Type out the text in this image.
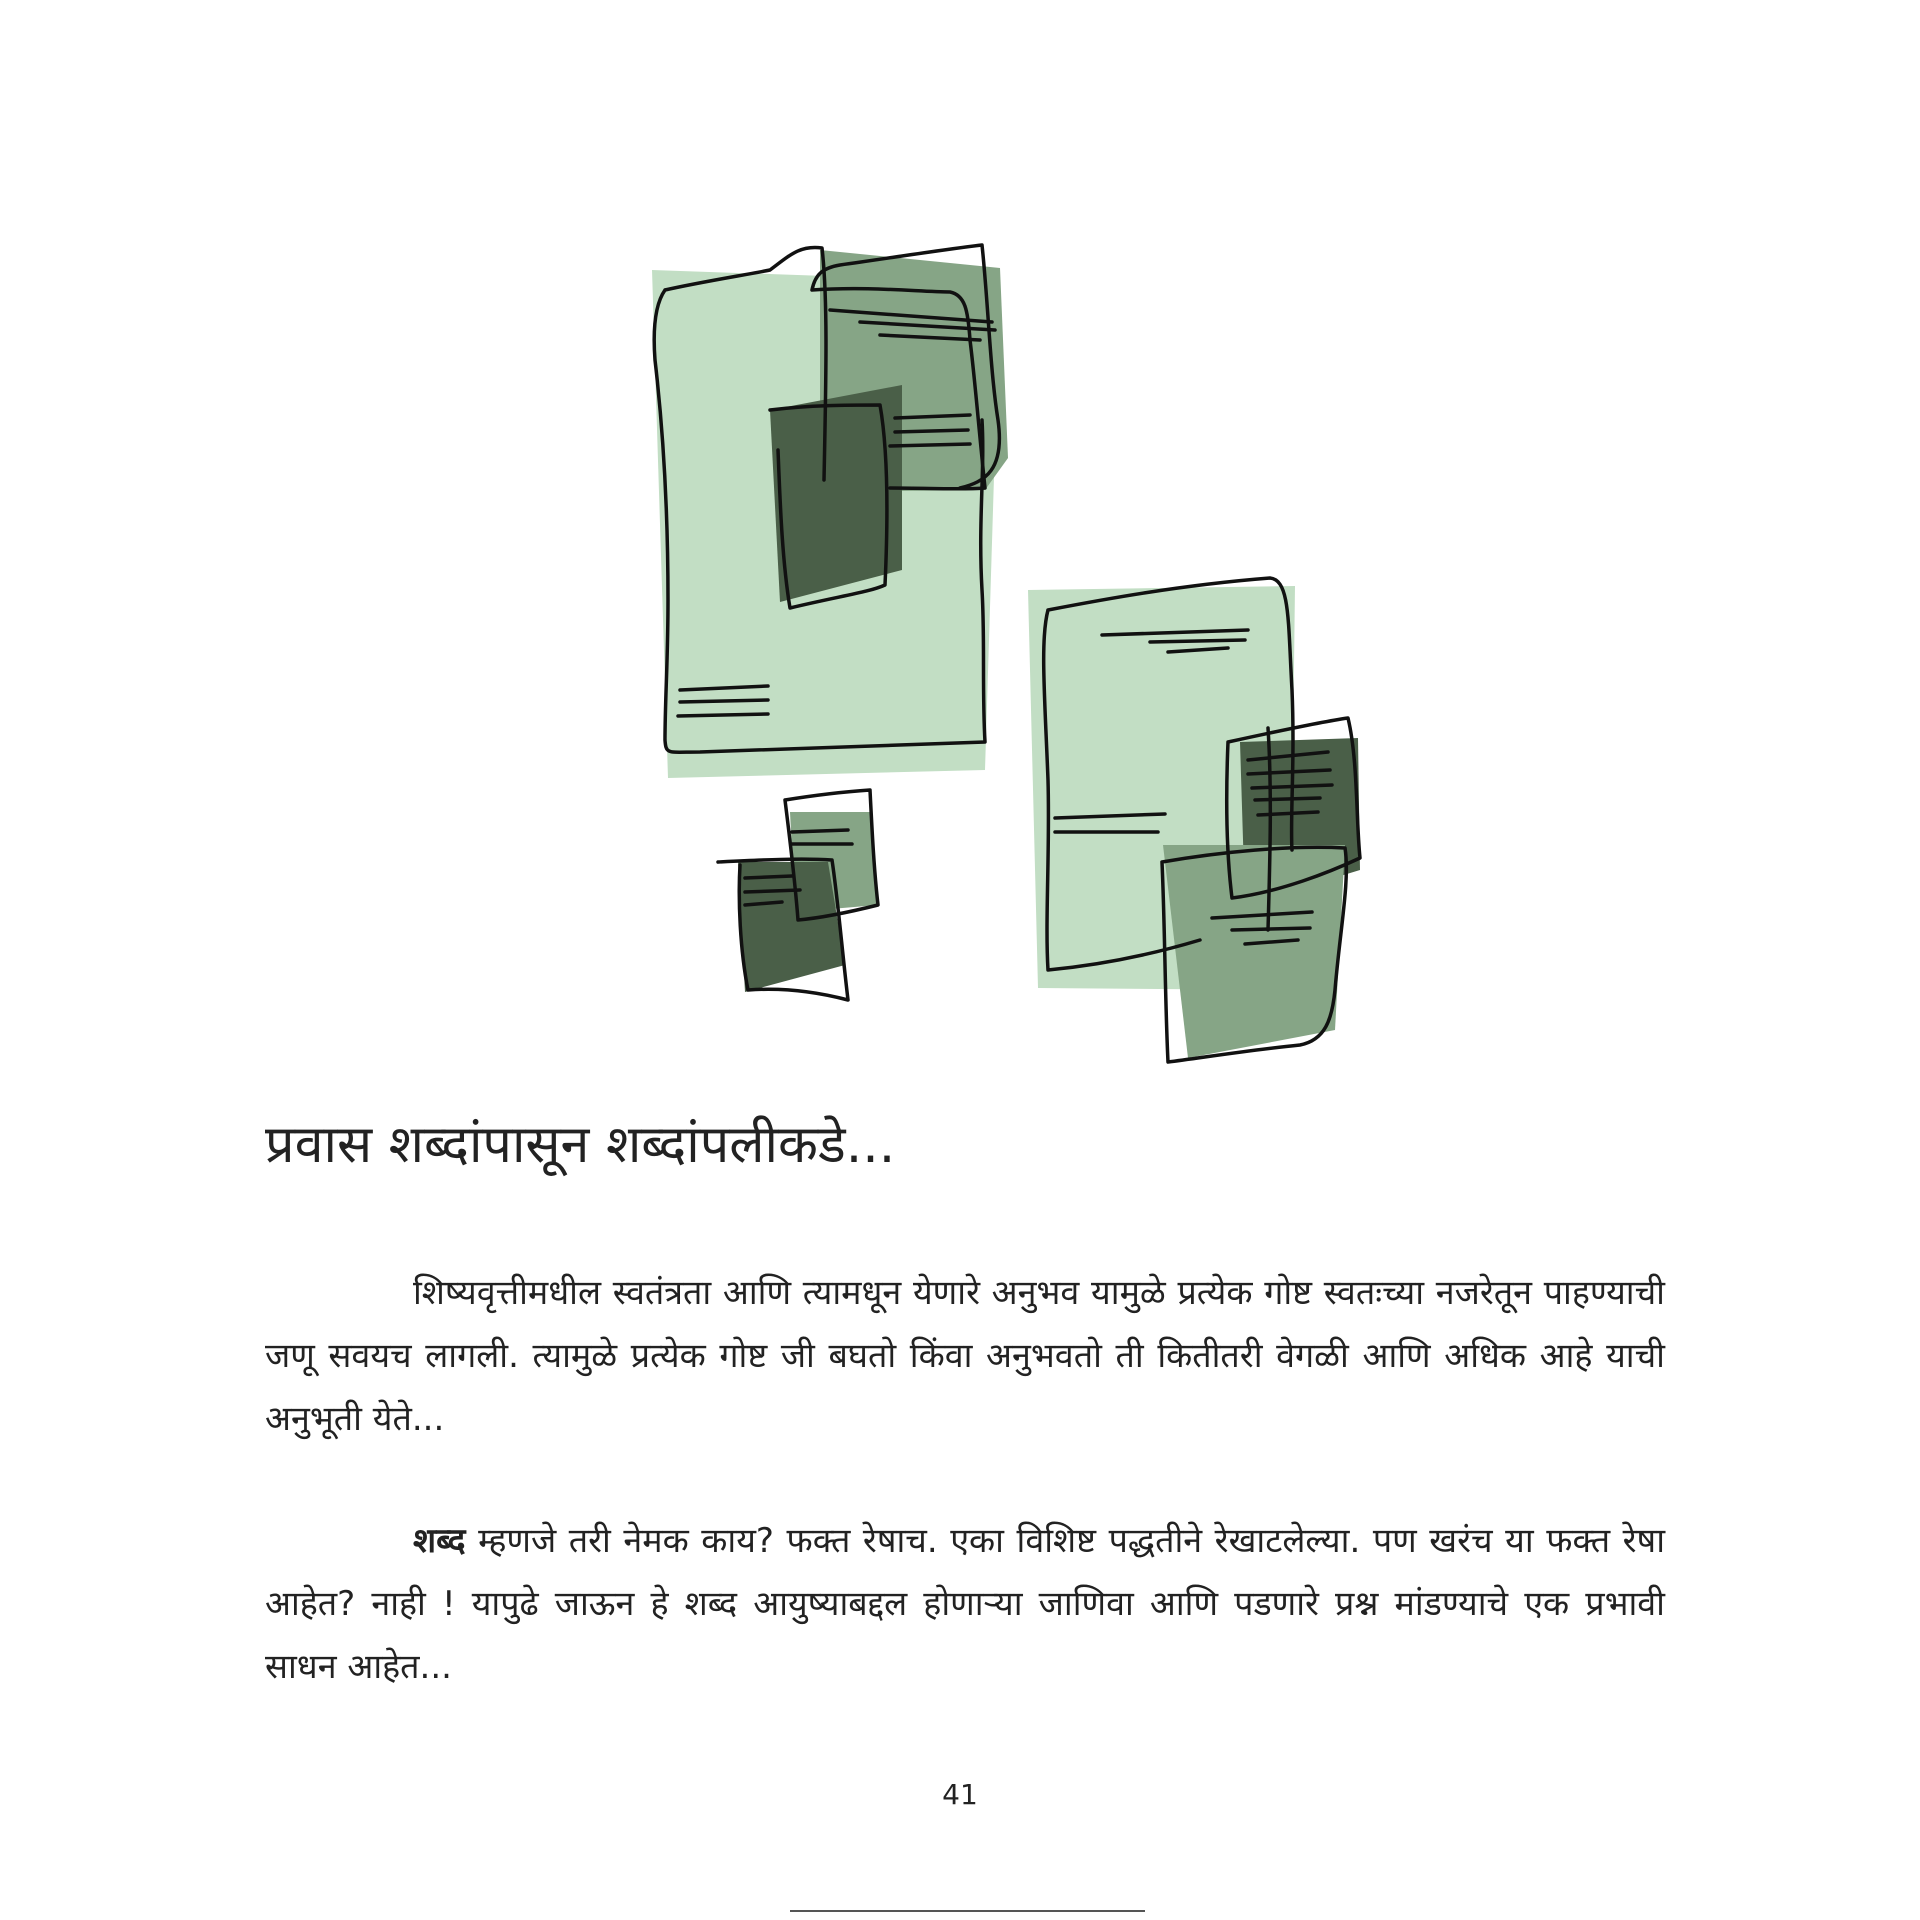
प्रवास शब्दांपासून शब्दांपलीकडे...

शिष्यवृत्तीमधील स्वतंत्रता आणि त्यामधून येणारे अनुभव यामुळे प्रत्येक गोष्ट स्वतःच्या नजरेतून पाहण्याची जणू सवयच लागली. त्यामुळे प्रत्येक गोष्ट जी बघतो किंवा अनुभवतो ती कितीतरी वेगळी आणि अधिक आहे याची अनुभूती येते...

शब्द म्हणजे तरी नेमक काय? फक्त रेषाच. एका विशिष्ट पद्धतीने रेखाटलेल्या. पण खरंच या फक्त रेषा आहेत? नाही ! यापुढे जाऊन हे शब्द आयुष्याबद्दल होणाऱ्या जाणिवा आणि पडणारे प्रश्न मांडण्याचे एक प्रभावी साधन आहेत...

41
